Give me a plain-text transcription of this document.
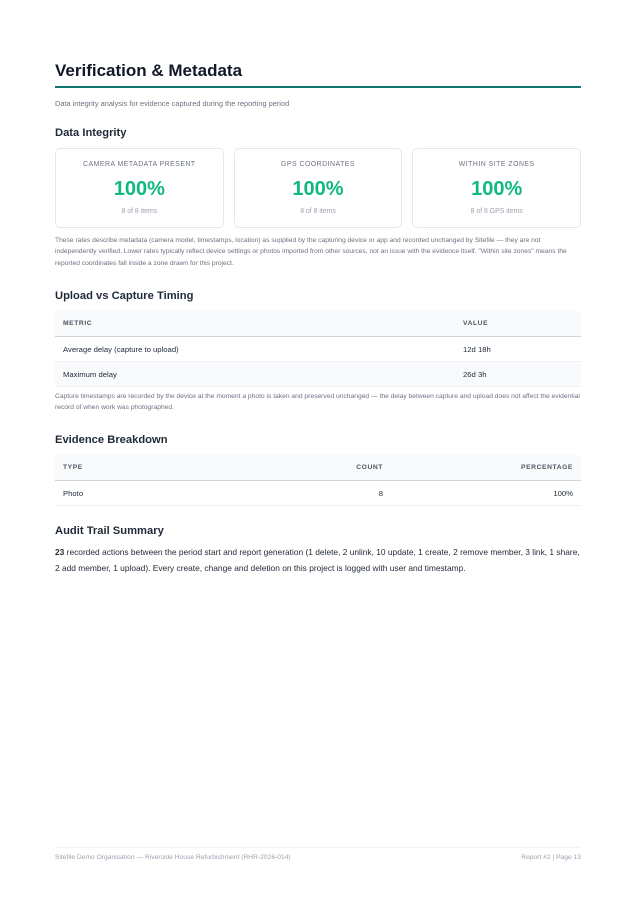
Verification & Metadata
Data integrity analysis for evidence captured during the reporting period
Data Integrity
CAMERA METADATA PRESENT
100%
8 of 8 items
GPS COORDINATES
100%
8 of 8 items
WITHIN SITE ZONES
100%
8 of 8 GPS items
These rates describe metadata (camera model, timestamps, location) as supplied by the capturing device or app and recorded unchanged by Sitefile — they are not independently verified. Lower rates typically reflect device settings or photos imported from other sources, not an issue with the evidence itself. "Within site zones" means the reported coordinates fall inside a zone drawn for this project.
Upload vs Capture Timing
METRIC	VALUE
Average delay (capture to upload)	12d 18h
Maximum delay	26d 3h
Capture timestamps are recorded by the device at the moment a photo is taken and preserved unchanged — the delay between capture and upload does not affect the evidential record of when work was photographed.
Evidence Breakdown
TYPE	COUNT	PERCENTAGE
Photo	8	100%
Audit Trail Summary
23 recorded actions between the period start and report generation (1 delete, 2 unlink, 10 update, 1 create, 2 remove member, 3 link, 1 share, 2 add member, 1 upload). Every create, change and deletion on this project is logged with user and timestamp.
Sitefile Demo Organisation — Riverside House Refurbishment (RHR-2026-014)	Report #2 | Page 13
